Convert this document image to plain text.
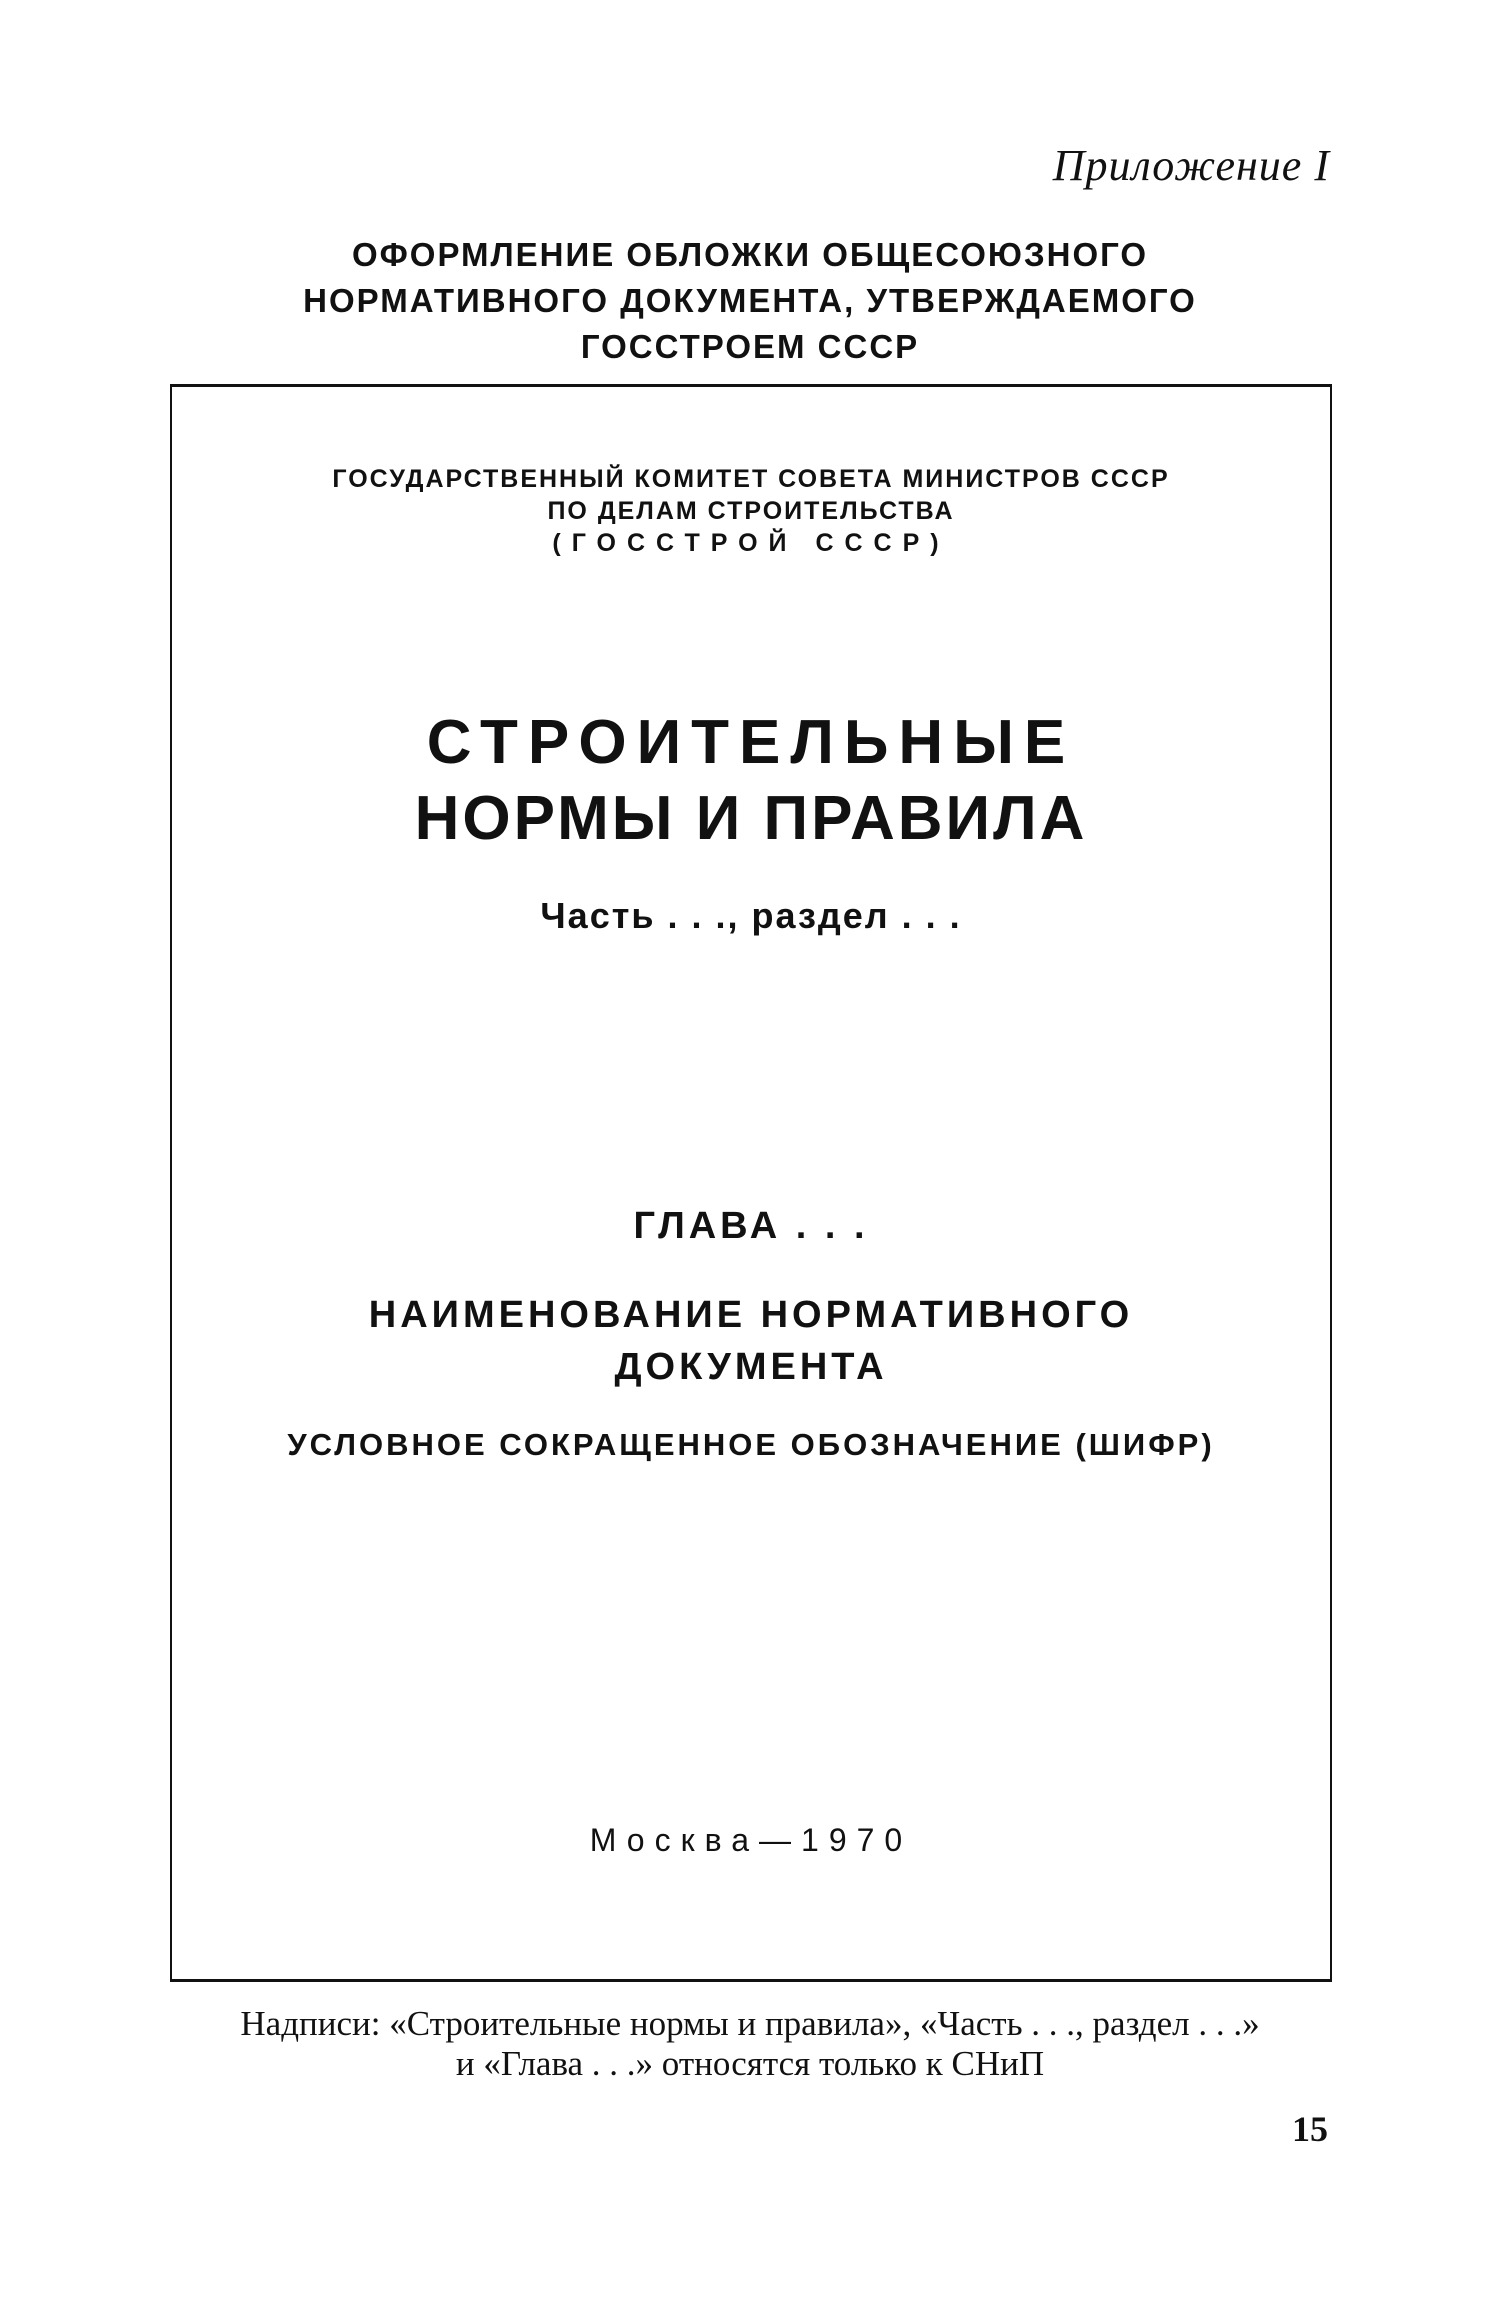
Приложение I
ОФОРМЛЕНИЕ ОБЛОЖКИ ОБЩЕСОЮЗНОГО
НОРМАТИВНОГО ДОКУМЕНТА, УТВЕРЖДАЕМОГО
ГОССТРОЕМ СССР
ГОСУДАРСТВЕННЫЙ КОМИТЕТ СОВЕТА МИНИСТРОВ СССР
ПО ДЕЛАМ СТРОИТЕЛЬСТВА
(ГОССТРОЙ СССР)
СТРОИТЕЛЬНЫЕ
НОРМЫ И ПРАВИЛА
Часть . . ., раздел . . .
ГЛАВА . . .
НАИМЕНОВАНИЕ НОРМАТИВНОГО
ДОКУМЕНТА
УСЛОВНОЕ СОКРАЩЕННОЕ ОБОЗНАЧЕНИЕ (ШИФР)
Москва—1970
Надписи: «Строительные нормы и правила», «Часть . . ., раздел . . .»
и «Глава . . .» относятся только к СНиП
15
